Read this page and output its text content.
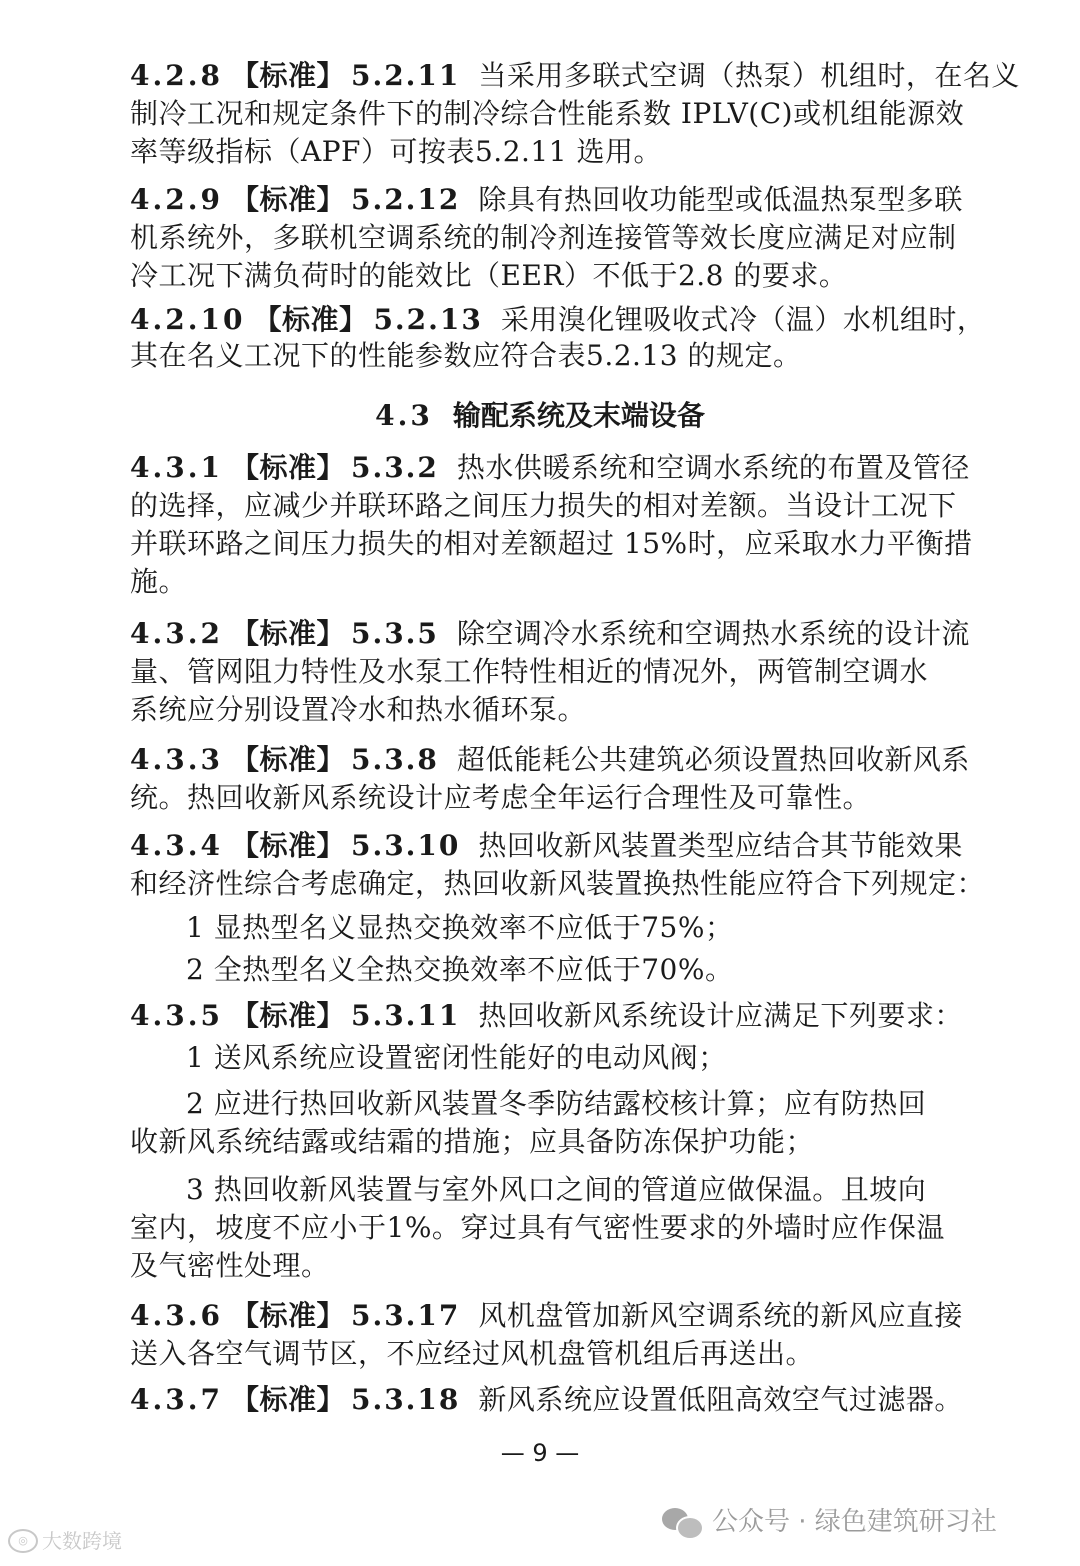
4.2.8 【标准】 5.2.11 当采用多联式空调（热泵）机组时，在名义
制冷工况和规定条件下的制冷综合性能系数 IPLV(C)或机组能源效
率等级指标（APF）可按表5.2.11 选用。
4.2.9 【标准】 5.2.12 除具有热回收功能型或低温热泵型多联
机系统外，多联机空调系统的制冷剂连接管等效长度应满足对应制
冷工况下满负荷时的能效比（EER）不低于2.8 的要求。
4.2.10 【标准】 5.2.13 采用溴化锂吸收式冷（温）水机组时，
其在名义工况下的性能参数应符合表5.2.13 的规定。
4.3 输配系统及末端设备
4.3.1 【标准】 5.3.2 热水供暖系统和空调水系统的布置及管径
的选择，应减少并联环路之间压力损失的相对差额。当设计工况下
并联环路之间压力损失的相对差额超过 15%时，应采取水力平衡措
施。
4.3.2 【标准】 5.3.5 除空调冷水系统和空调热水系统的设计流
量、管网阻力特性及水泵工作特性相近的情况外，两管制空调水
系统应分别设置冷水和热水循环泵。
4.3.3 【标准】 5.3.8 超低能耗公共建筑必须设置热回收新风系
统。热回收新风系统设计应考虑全年运行合理性及可靠性。
4.3.4 【标准】 5.3.10 热回收新风装置类型应结合其节能效果
和经济性综合考虑确定，热回收新风装置换热性能应符合下列规定：
1 显热型名义显热交换效率不应低于75%；
2 全热型名义全热交换效率不应低于70%。
4.3.5 【标准】 5.3.11 热回收新风系统设计应满足下列要求：
1 送风系统应设置密闭性能好的电动风阀；
2 应进行热回收新风装置冬季防结露校核计算；应有防热回
收新风系统结露或结霜的措施；应具备防冻保护功能；
3 热回收新风装置与室外风口之间的管道应做保温。且坡向
室内，坡度不应小于1%。穿过具有气密性要求的外墙时应作保温
及气密性处理。
4.3.6 【标准】 5.3.17 风机盘管加新风空调系统的新风应直接
送入各空气调节区，不应经过风机盘管机组后再送出。
4.3.7 【标准】 5.3.18 新风系统应设置低阻高效空气过滤器。
— 9 —
◎ 大数跨境
公众号 · 绿色建筑研习社
